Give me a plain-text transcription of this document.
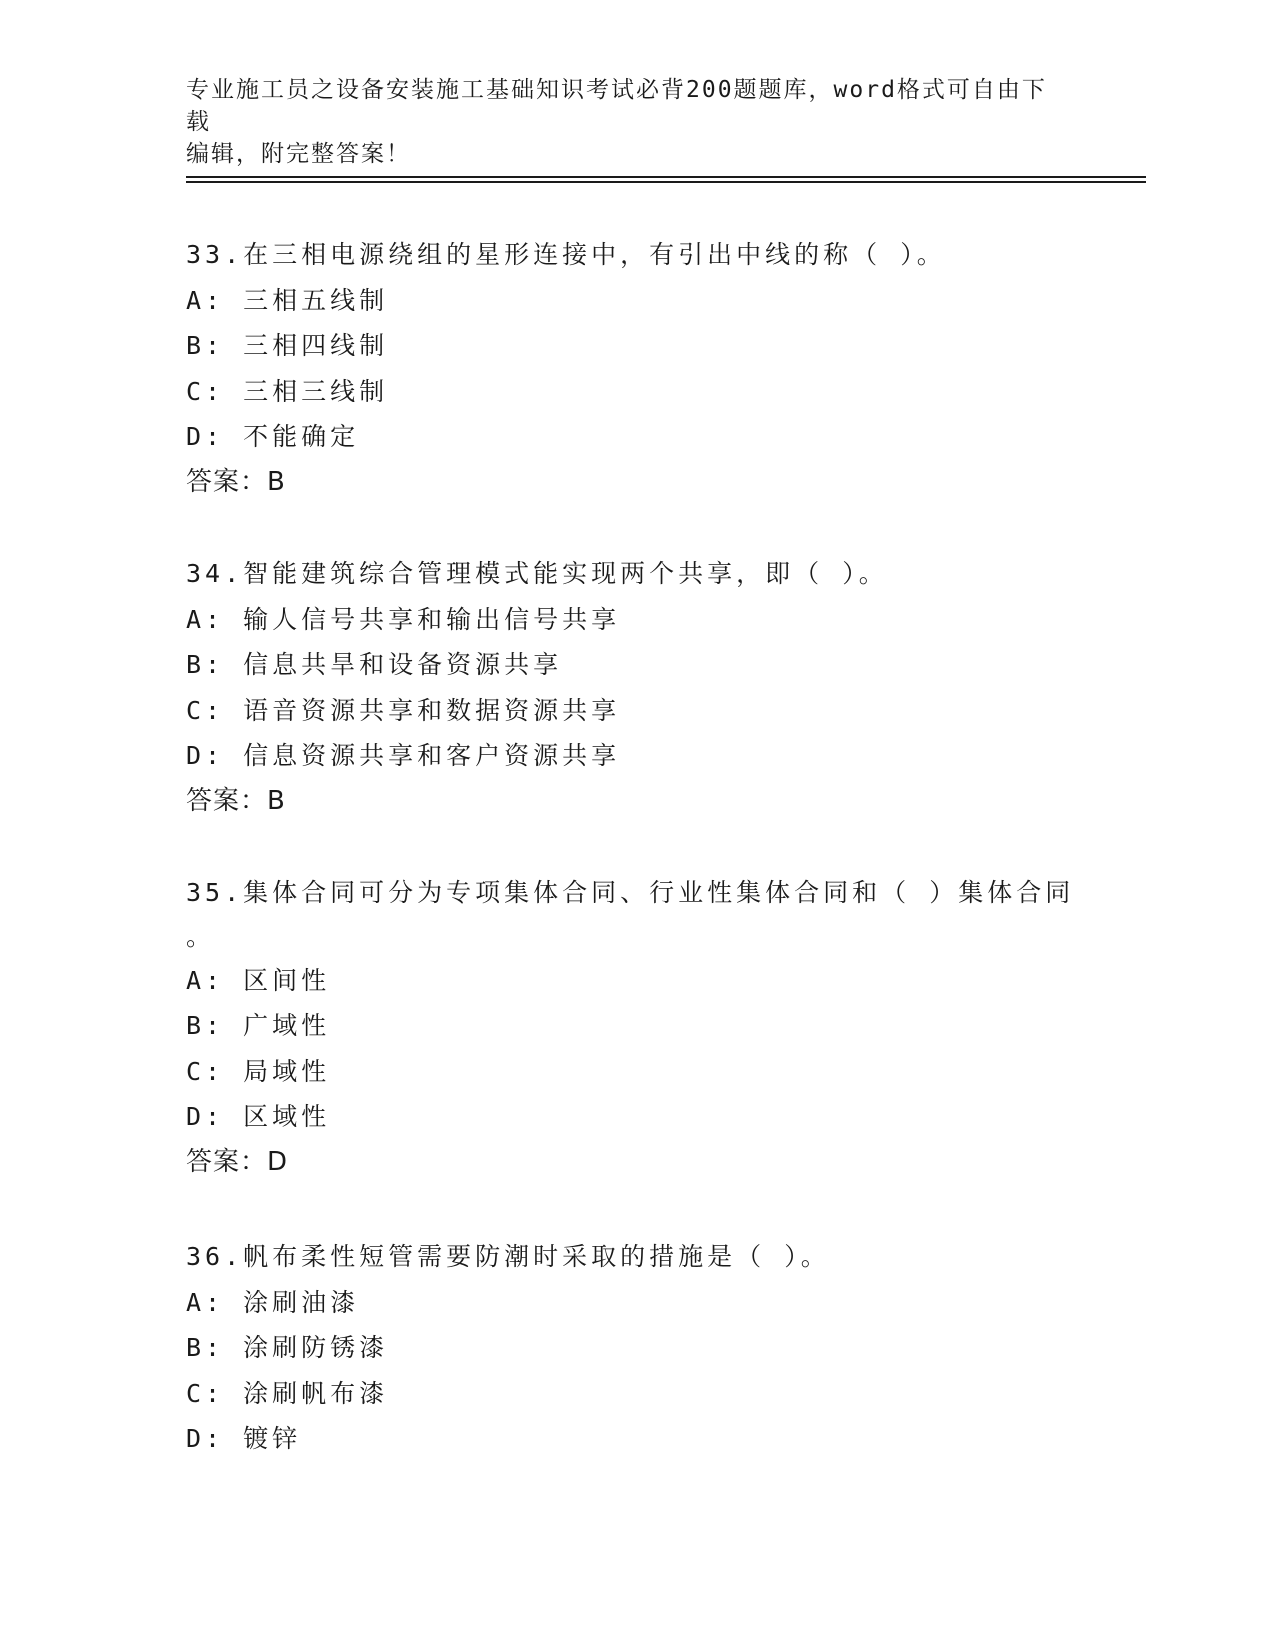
专业施工员之设备安装施工基础知识考试必背200题题库，word格式可自由下载
编辑，附完整答案！
33.在三相电源绕组的星形连接中，有引出中线的称（ ）。
A: 三相五线制
B: 三相四线制
C: 三相三线制
D: 不能确定
答案：B
34.智能建筑综合管理模式能实现两个共享，即（ ）。
A: 输人信号共享和输出信号共享
B: 信息共旱和设备资源共享
C: 语音资源共享和数据资源共享
D: 信息资源共享和客户资源共享
答案：B
35.集体合同可分为专项集体合同、行业性集体合同和（ ）集体合同
。
A: 区间性
B: 广域性
C: 局域性
D: 区域性
答案：D
36.帆布柔性短管需要防潮时采取的措施是（ ）。
A: 涂刷油漆
B: 涂刷防锈漆
C: 涂刷帆布漆
D: 镀锌
